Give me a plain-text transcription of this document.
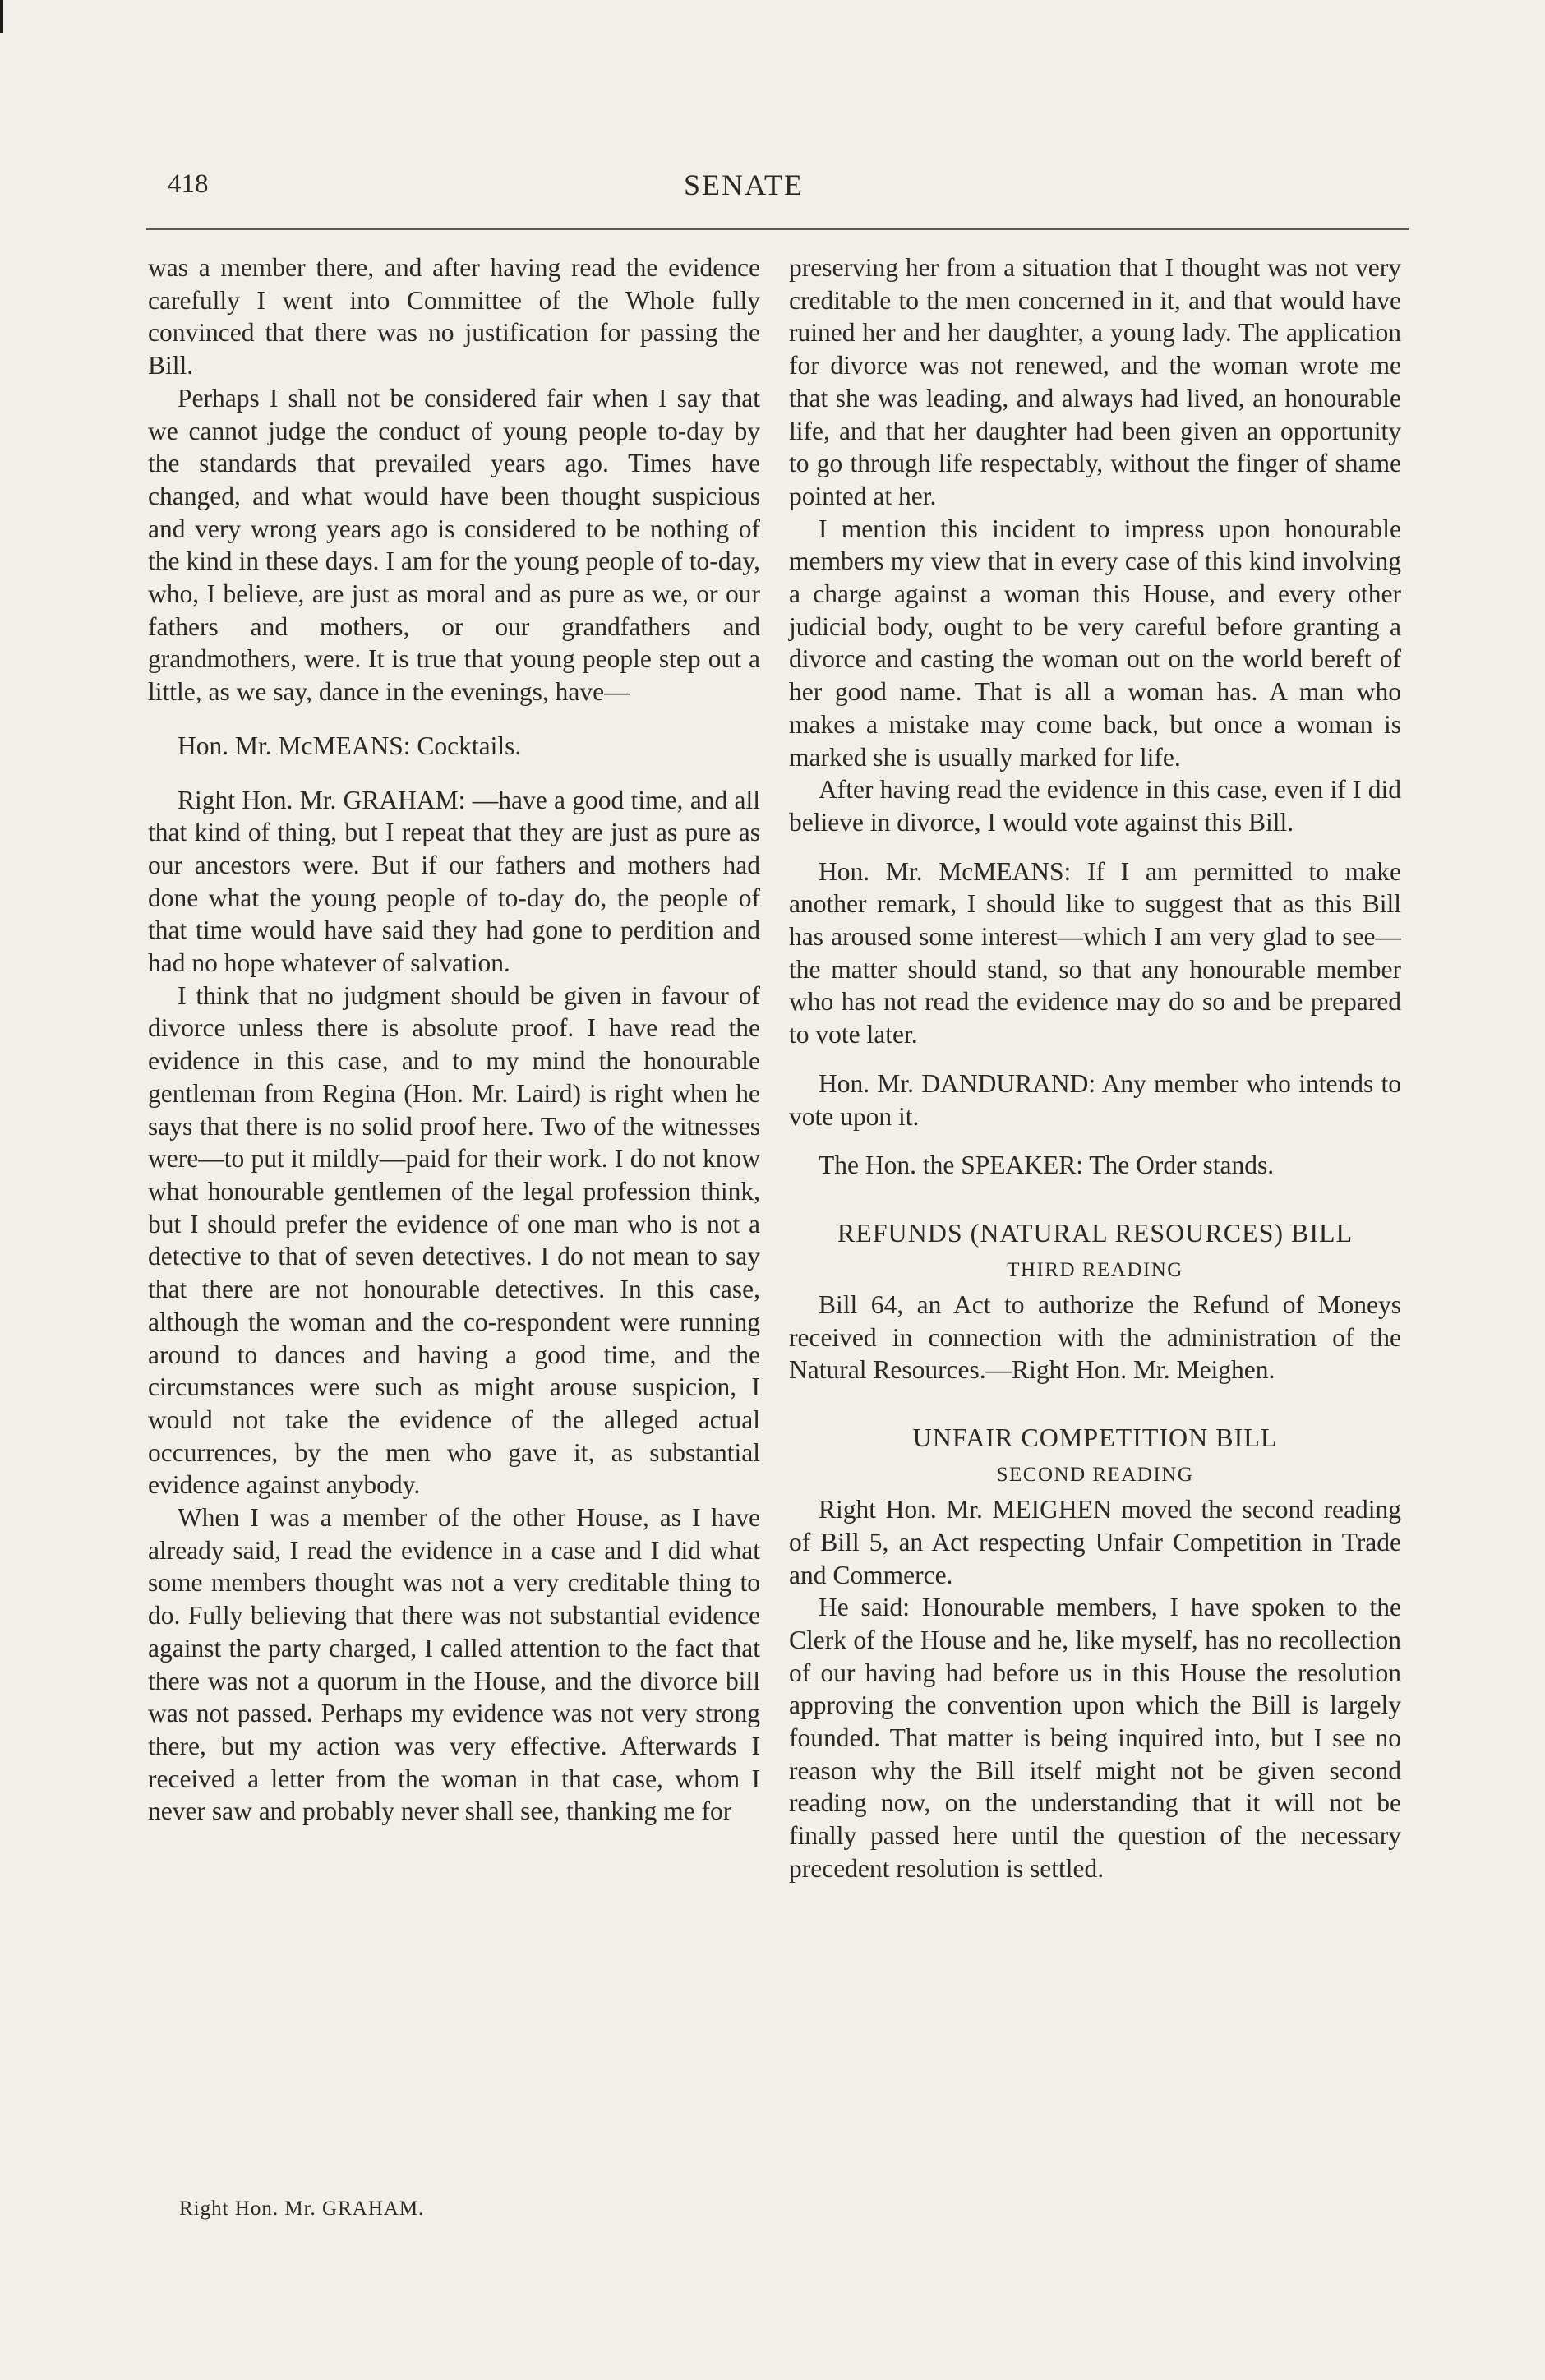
418	SENATE

was a member there, and after having read the evidence carefully I went into Committee of the Whole fully convinced that there was no justification for passing the Bill.

Perhaps I shall not be considered fair when I say that we cannot judge the conduct of young people to-day by the standards that prevailed years ago. Times have changed, and what would have been thought suspicious and very wrong years ago is considered to be nothing of the kind in these days. I am for the young people of to-day, who, I believe, are just as moral and as pure as we, or our fathers and mothers, or our grandfathers and grandmothers, were. It is true that young people step out a little, as we say, dance in the evenings, have—

Hon. Mr. McMEANS: Cocktails.

Right Hon. Mr. GRAHAM: —have a good time, and all that kind of thing, but I repeat that they are just as pure as our ancestors were. But if our fathers and mothers had done what the young people of to-day do, the people of that time would have said they had gone to perdition and had no hope whatever of salvation.

I think that no judgment should be given in favour of divorce unless there is absolute proof. I have read the evidence in this case, and to my mind the honourable gentleman from Regina (Hon. Mr. Laird) is right when he says that there is no solid proof here. Two of the witnesses were—to put it mildly—paid for their work. I do not know what honourable gentlemen of the legal profession think, but I should prefer the evidence of one man who is not a detective to that of seven detectives. I do not mean to say that there are not honourable detectives. In this case, although the woman and the co-respondent were running around to dances and having a good time, and the circumstances were such as might arouse suspicion, I would not take the evidence of the alleged actual occurrences, by the men who gave it, as substantial evidence against anybody.

When I was a member of the other House, as I have already said, I read the evidence in a case and I did what some members thought was not a very creditable thing to do. Fully believing that there was not substantial evidence against the party charged, I called attention to the fact that there was not a quorum in the House, and the divorce bill was not passed. Perhaps my evidence was not very strong there, but my action was very effective. Afterwards I received a letter from the woman in that case, whom I never saw and probably never shall see, thanking me for

preserving her from a situation that I thought was not very creditable to the men concerned in it, and that would have ruined her and her daughter, a young lady. The application for divorce was not renewed, and the woman wrote me that she was leading, and always had lived, an honourable life, and that her daughter had been given an opportunity to go through life respectably, without the finger of shame pointed at her.

I mention this incident to impress upon honourable members my view that in every case of this kind involving a charge against a woman this House, and every other judicial body, ought to be very careful before granting a divorce and casting the woman out on the world bereft of her good name. That is all a woman has. A man who makes a mistake may come back, but once a woman is marked she is usually marked for life.

After having read the evidence in this case, even if I did believe in divorce, I would vote against this Bill.

Hon. Mr. McMEANS: If I am permitted to make another remark, I should like to suggest that as this Bill has aroused some interest—which I am very glad to see—the matter should stand, so that any honourable member who has not read the evidence may do so and be prepared to vote later.

Hon. Mr. DANDURAND: Any member who intends to vote upon it.

The Hon. the SPEAKER: The Order stands.

REFUNDS (NATURAL RESOURCES) BILL
THIRD READING

Bill 64, an Act to authorize the Refund of Moneys received in connection with the administration of the Natural Resources.—Right Hon. Mr. Meighen.

UNFAIR COMPETITION BILL
SECOND READING

Right Hon. Mr. MEIGHEN moved the second reading of Bill 5, an Act respecting Unfair Competition in Trade and Commerce.

He said: Honourable members, I have spoken to the Clerk of the House and he, like myself, has no recollection of our having had before us in this House the resolution approving the convention upon which the Bill is largely founded. That matter is being inquired into, but I see no reason why the Bill itself might not be given second reading now, on the understanding that it will not be finally passed here until the question of the necessary precedent resolution is settled.

Right Hon. Mr. GRAHAM.
